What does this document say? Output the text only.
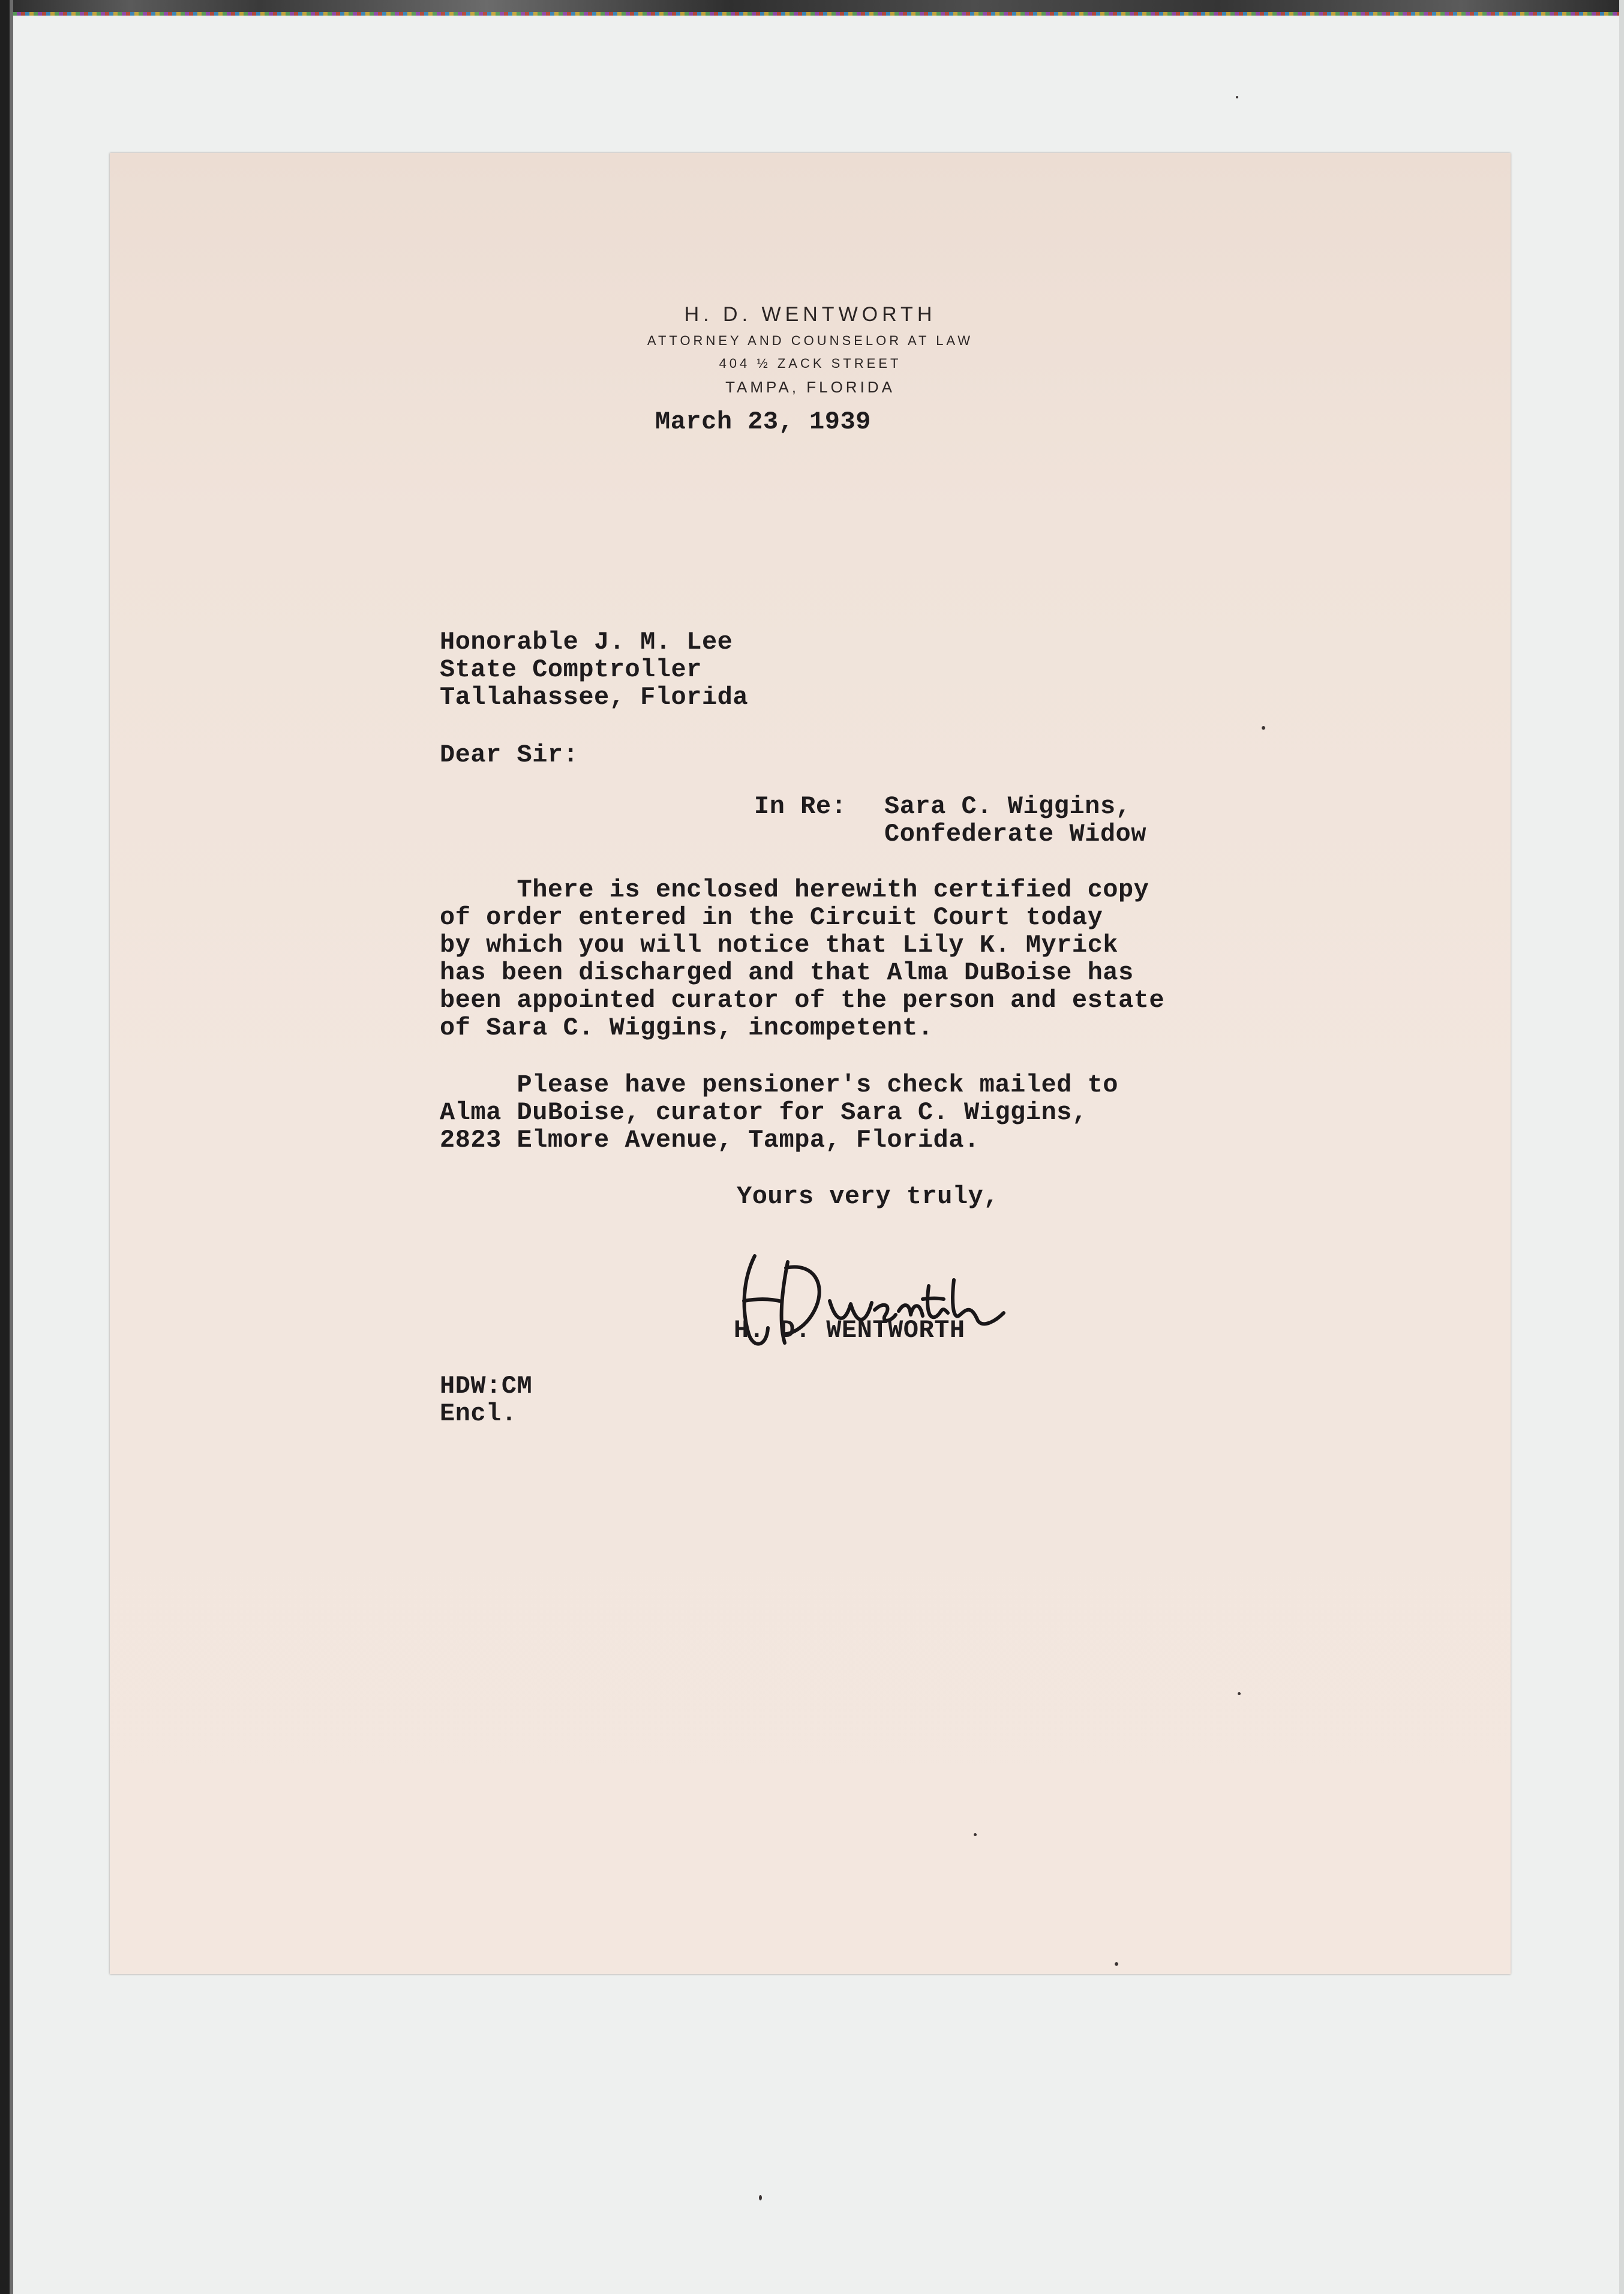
H. D. WENTWORTH
ATTORNEY AND COUNSELOR AT LAW
404 ½ ZACK STREET
TAMPA, FLORIDA
March 23, 1939
Honorable J. M. Lee
State Comptroller
Tallahassee, Florida
Dear Sir:
In Re: Sara C. Wiggins,
Confederate Widow
There is enclosed herewith certified copy
of order entered in the Circuit Court today
by which you will notice that Lily K. Myrick
has been discharged and that Alma DuBoise has
been appointed curator of the person and estate
of Sara C. Wiggins, incompetent.
Please have pensioner's check mailed to
Alma DuBoise, curator for Sara C. Wiggins,
2823 Elmore Avenue, Tampa, Florida.
Yours very truly,
H. D. WENTWORTH
HDW:CM
Encl.
